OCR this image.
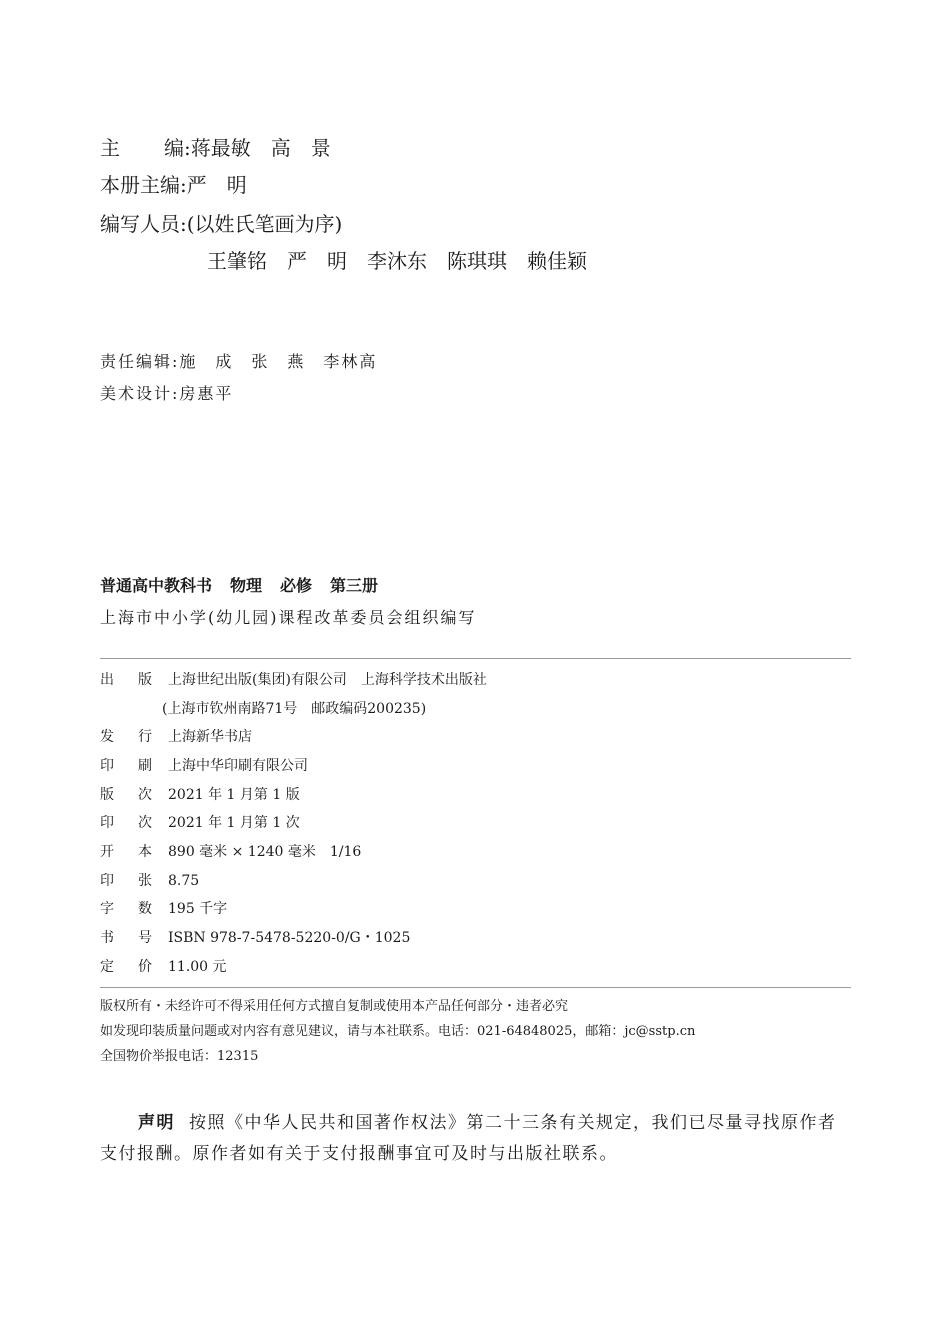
主 编:蒋最敏　高　景
本册主编:严　明
编写人员:(以姓氏笔画为序)
王肇铭　严　明　李沐东　陈琪琪　赖佳颖
责任编辑:施　成　张　燕　李林高
美术设计:房惠平
普通高中教科书 物理 必修 第三册
上海市中小学(幼儿园)课程改革委员会组织编写
出 版 上海世纪出版(集团)有限公司　上海科学技术出版社
(上海市钦州南路71号　邮政编码200235)
发 行 上海新华书店
印 刷 上海中华印刷有限公司
版 次 2021 年 1 月第 1 版
印 次 2021 年 1 月第 1 次
开 本 890 毫米 × 1240 毫米　1/16
印 张 8.75
字 数 195 千字
书 号 ISBN 978-7-5478-5220-0/G・1025
定 价 11.00 元
版权所有・未经许可不得采用任何方式擅自复制或使用本产品任何部分・违者必究
如发现印装质量问题或对内容有意见建议，请与本社联系。电话：021-64848025，邮箱：jc@sstp.cn
全国物价举报电话：12315
声明 按照《中华人民共和国著作权法》第二十三条有关规定，我们已尽量寻找原作者支付报酬。原作者如有关于支付报酬事宜可及时与出版社联系。
